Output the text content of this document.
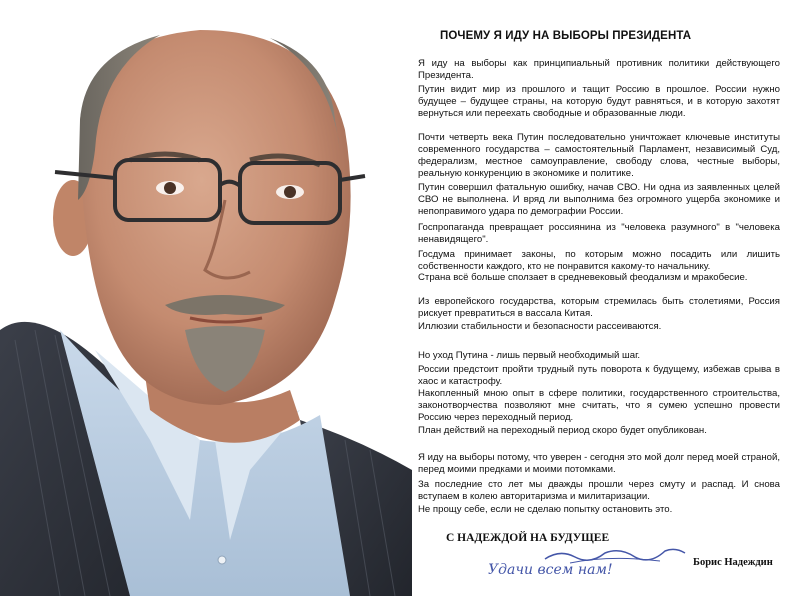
ПОЧЕМУ Я ИДУ НА ВЫБОРЫ ПРЕЗИДЕНТА
Я иду на выборы как принципиальный противник политики действующего Президента.
Путин видит мир из прошлого и тащит Россию в прошлое. России нужно будущее – будущее страны, на которую будут равняться, и в которую захотят вернуться или переехать свободные и образованные люди.
Почти четверть века Путин последовательно уничтожает ключевые институты современного государства – самостоятельный Парламент, независимый Суд, федерализм, местное самоуправление, свободу слова, честные выборы, реальную конкуренцию в экономике и политике.
Путин совершил фатальную ошибку, начав СВО. Ни одна из заявленных целей СВО не выполнена. И вряд ли выполнима без огромного ущерба экономике и непоправимого удара по демографии России.
Госпропаганда превращает россиянина из "человека разумного" в "человека ненавидящего".
Госдума принимает законы, по которым можно посадить или лишить собственности каждого, кто не понравится какому-то начальнику.
Страна всё больше сползает в средневековый феодализм и мракобесие.
Из европейского государства, которым стремилась быть столетиями, Россия рискует превратиться в вассала Китая.
Иллюзии стабильности и безопасности рассеиваются.
Но уход Путина - лишь первый необходимый шаг.
России предстоит пройти трудный путь поворота к будущему, избежав срыва в хаос и катастрофу.
Накопленный мною опыт в сфере политики, государственного строительства, законотворчества позволяют мне считать, что я сумею успешно провести Россию через переходный период.
План действий на переходный период скоро будет опубликован.
Я иду на выборы потому, что уверен - сегодня это мой долг перед моей страной, перед моими предками и моими потомками.
За последние сто лет мы дважды прошли через смуту и распад. И снова вступаем в колею авторитаризма и милитаризации.
Не прощу себе, если не сделаю попытку остановить это.
С НАДЕЖДОЙ НА БУДУЩЕЕ
Борис Надеждин
Удачи всем нам!
